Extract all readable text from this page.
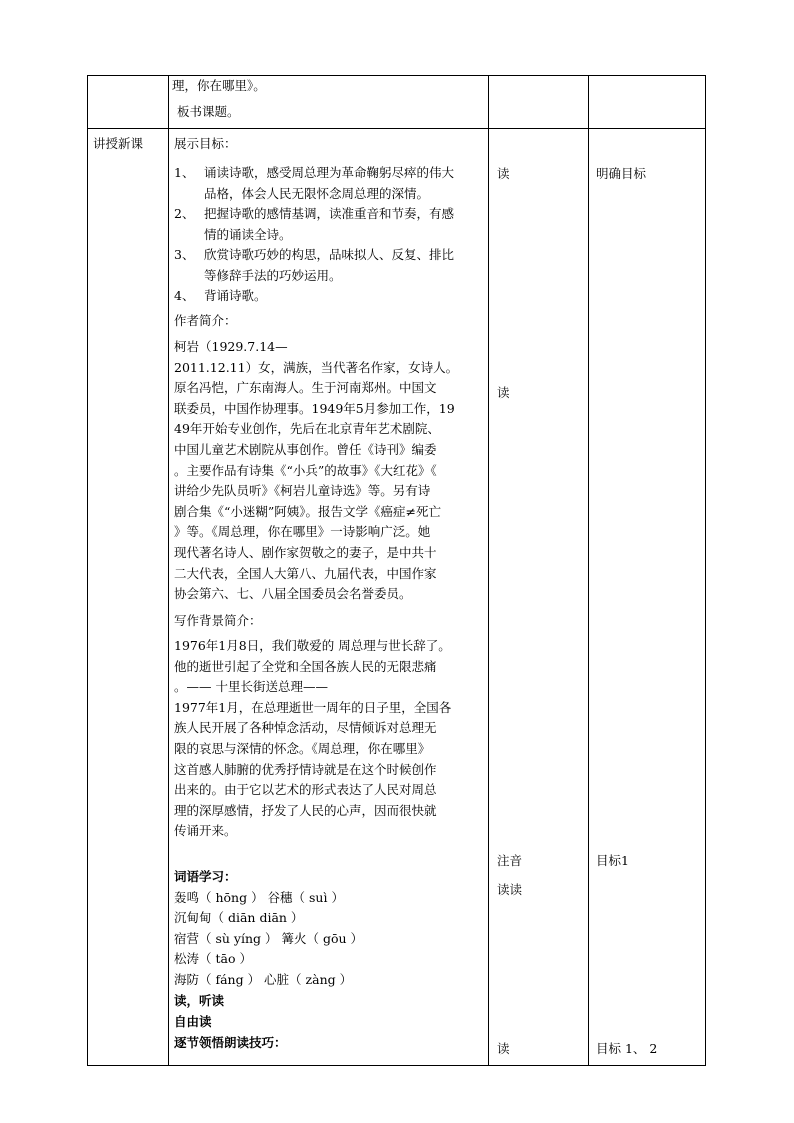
理，你在哪里》。
板书课题。
讲授新课 展示目标：
1、 诵读诗歌，感受周总理为革命鞠躬尽瘁的伟大
品格，体会人民无限怀念周总理的深情。
2、 把握诗歌的感情基调，读准重音和节奏，有感
情的诵读全诗。
3、 欣赏诗歌巧妙的构思，品味拟人、反复、排比
等修辞手法的巧妙运用。
4、 背诵诗歌。
作者简介：
柯岩（1929.7.14—
2011.12.11）女，满族，当代著名作家，女诗人。
原名冯恺，广东南海人。生于河南郑州。中国文
联委员，中国作协理事。1949年5月参加工作，19
49年开始专业创作，先后在北京青年艺术剧院、
中国儿童艺术剧院从事创作。曾任《诗刊》编委
。主要作品有诗集《“小兵”的故事》《大红花》《
讲给少先队员听》《柯岩儿童诗选》等。另有诗
剧合集《“小迷糊”阿姨》。报告文学《癌症≠死亡
》等。《周总理，你在哪里》一诗影响广泛。她
现代著名诗人、剧作家贺敬之的妻子，是中共十
二大代表，全国人大第八、九届代表，中国作家
协会第六、七、八届全国委员会名誉委员。
写作背景简介：
1976年1月8日，我们敬爱的 周总理与世长辞了。
他的逝世引起了全党和全国各族人民的无限悲痛
。—— 十里长街送总理——
1977年1月，在总理逝世一周年的日子里，全国各
族人民开展了各种悼念活动，尽情倾诉对总理无
限的哀思与深情的怀念。《周总理，你在哪里》
这首感人肺腑的优秀抒情诗就是在这个时候创作
出来的。由于它以艺术的形式表达了人民对周总
理的深厚感情，抒发了人民的心声，因而很快就
传诵开来。
词语学习：
轰鸣（ hōng ） 谷穗（ suì ）
沉甸甸（ diān diān ）
宿营（ sù yíng ） 篝火（ gōu ）
松涛（ tāo ）
海防（ fáng ） 心脏（ zàng ）
读，听读
自由读
逐节领悟朗读技巧：
读
读
注音
读读
读
明确目标
目标1
目标 1、 2
